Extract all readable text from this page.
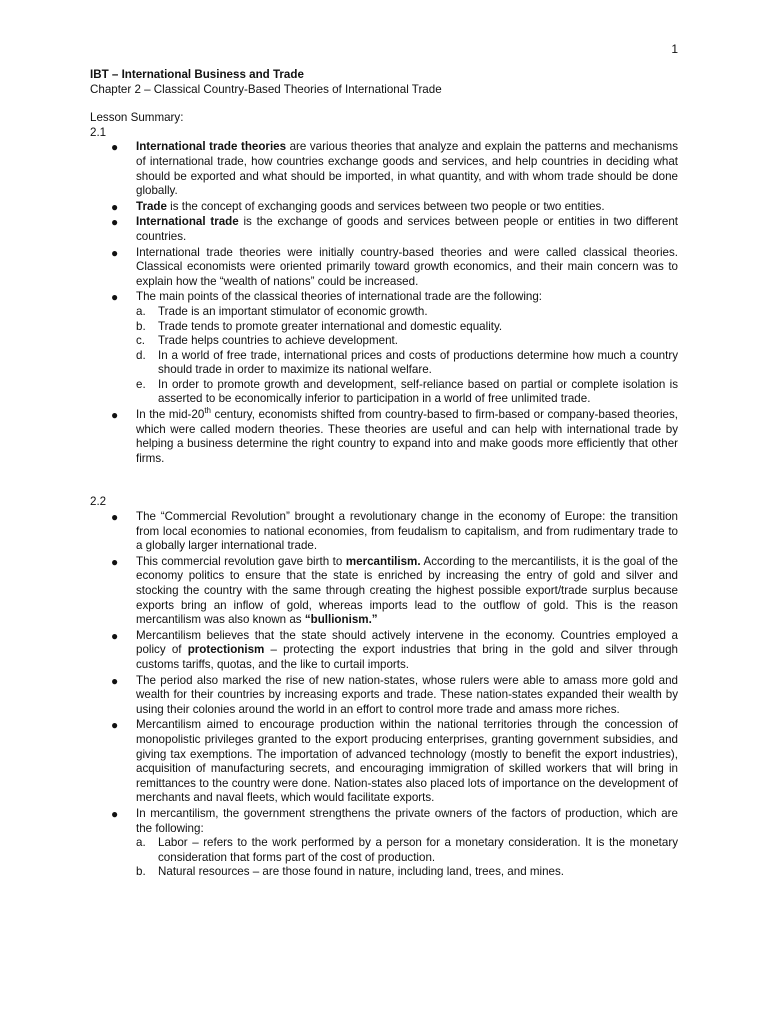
1
IBT – International Business and Trade
Chapter 2 – Classical Country-Based Theories of International Trade
Lesson Summary:
2.1
● International trade theories are various theories that analyze and explain the patterns and mechanisms of international trade, how countries exchange goods and services, and help countries in deciding what should be exported and what should be imported, in what quantity, and with whom trade should be done globally.
● Trade is the concept of exchanging goods and services between two people or two entities.
● International trade is the exchange of goods and services between people or entities in two different countries.
● International trade theories were initially country-based theories and were called classical theories. Classical economists were oriented primarily toward growth economics, and their main concern was to explain how the “wealth of nations” could be increased.
● The main points of the classical theories of international trade are the following:
a. Trade is an important stimulator of economic growth.
b. Trade tends to promote greater international and domestic equality.
c. Trade helps countries to achieve development.
d. In a world of free trade, international prices and costs of productions determine how much a country should trade in order to maximize its national welfare.
e. In order to promote growth and development, self-reliance based on partial or complete isolation is asserted to be economically inferior to participation in a world of free unlimited trade.
● In the mid-20th century, economists shifted from country-based to firm-based or company-based theories, which were called modern theories. These theories are useful and can help with international trade by helping a business determine the right country to expand into and make goods more efficiently that other firms.
2.2
● The “Commercial Revolution” brought a revolutionary change in the economy of Europe: the transition from local economies to national economies, from feudalism to capitalism, and from rudimentary trade to a globally larger international trade.
● This commercial revolution gave birth to mercantilism. According to the mercantilists, it is the goal of the economy politics to ensure that the state is enriched by increasing the entry of gold and silver and stocking the country with the same through creating the highest possible export/trade surplus because exports bring an inflow of gold, whereas imports lead to the outflow of gold. This is the reason mercantilism was also known as “bullionism.”
● Mercantilism believes that the state should actively intervene in the economy. Countries employed a policy of protectionism – protecting the export industries that bring in the gold and silver through customs tariffs, quotas, and the like to curtail imports.
● The period also marked the rise of new nation-states, whose rulers were able to amass more gold and wealth for their countries by increasing exports and trade. These nation-states expanded their wealth by using their colonies around the world in an effort to control more trade and amass more riches.
● Mercantilism aimed to encourage production within the national territories through the concession of monopolistic privileges granted to the export producing enterprises, granting government subsidies, and giving tax exemptions. The importation of advanced technology (mostly to benefit the export industries), acquisition of manufacturing secrets, and encouraging immigration of skilled workers that will bring in remittances to the country were done. Nation-states also placed lots of importance on the development of merchants and naval fleets, which would facilitate exports.
● In mercantilism, the government strengthens the private owners of the factors of production, which are the following:
a. Labor – refers to the work performed by a person for a monetary consideration. It is the monetary consideration that forms part of the cost of production.
b. Natural resources – are those found in nature, including land, trees, and mines.
